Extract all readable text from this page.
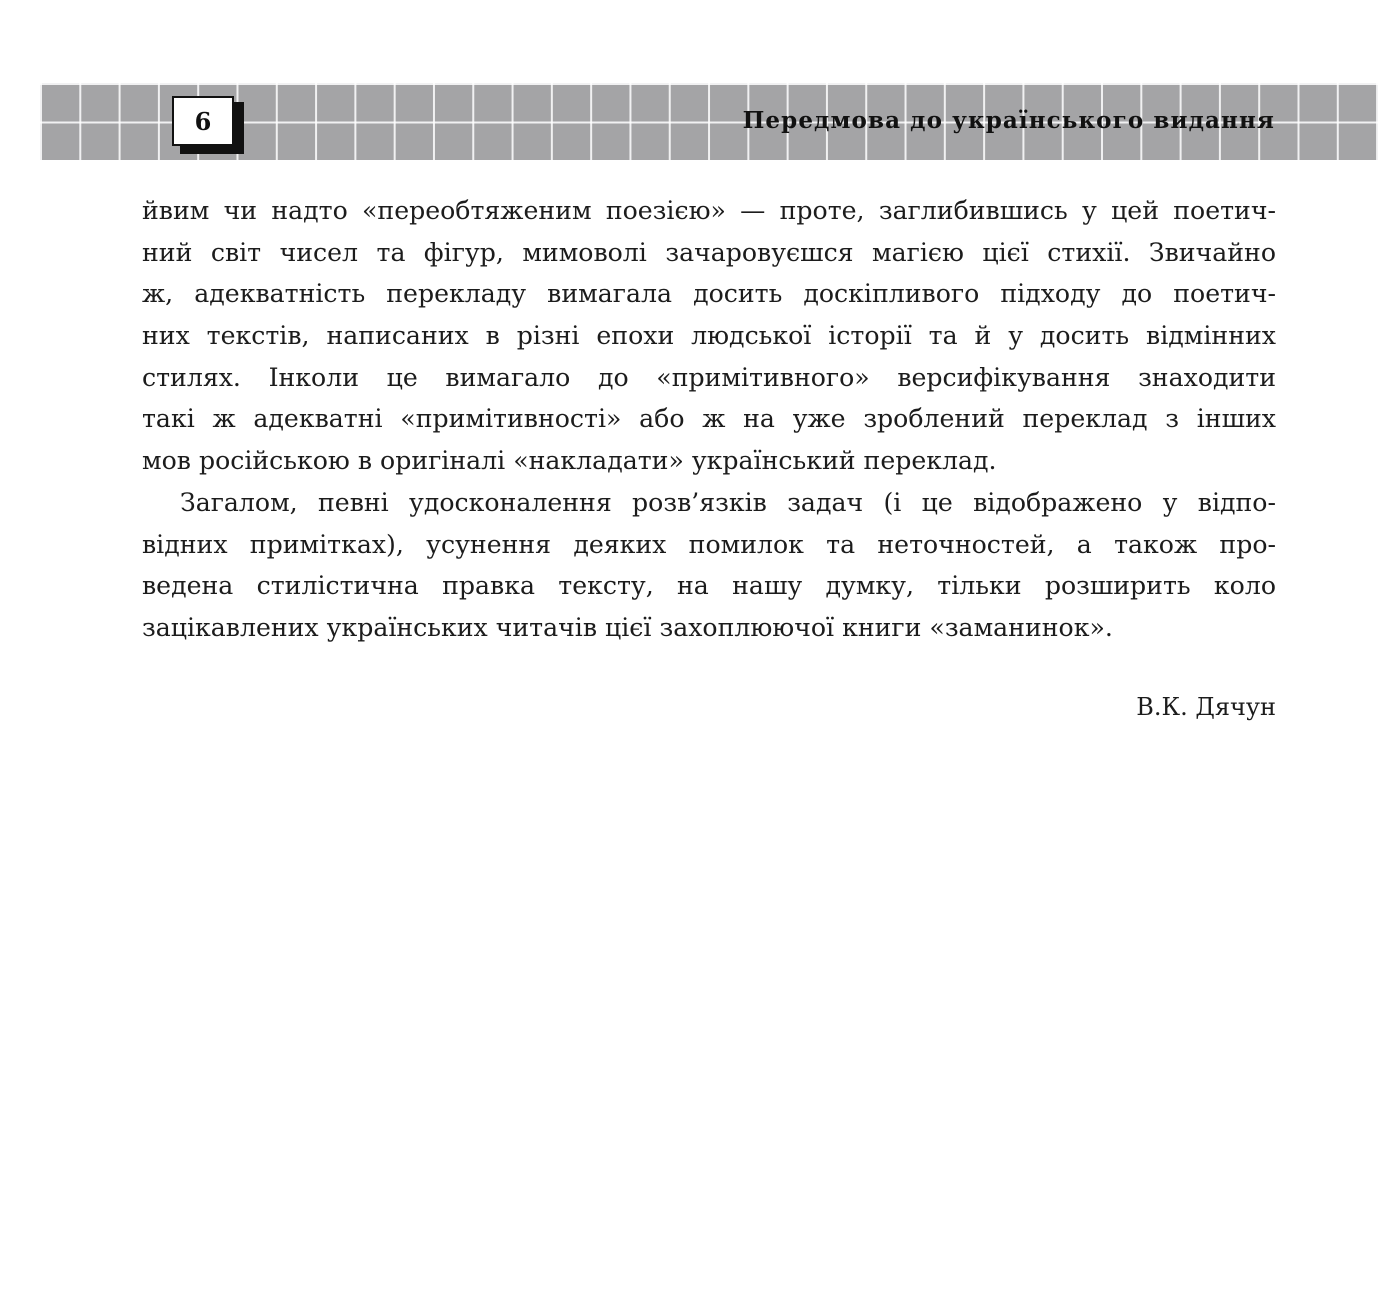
6	Передмова до українського видання
йвим чи надто «переобтяженим поезією» — проте, заглибившись у цей поетич-
ний світ чисел та фігур, мимоволі зачаровуєшся магією цієї стихії. Звичайно
ж, адекватність перекладу вимагала досить доскіпливого підходу до поетич-
них текстів, написаних в різні епохи людської історії та й у досить відмінних
стилях. Інколи це вимагало до «примітивного» версифікування знаходити
такі ж адекватні «примітивності» або ж на уже зроблений переклад з інших
мов російською в оригіналі «накладати» український переклад.
Загалом, певні удосконалення розв’язків задач (і це відображено у відпо-
відних примітках), усунення деяких помилок та неточностей, а також про-
ведена стилістична правка тексту, на нашу думку, тільки розширить коло
зацікавлених українських читачів цієї захоплюючої книги «заманинок».
В.К. Дячун
